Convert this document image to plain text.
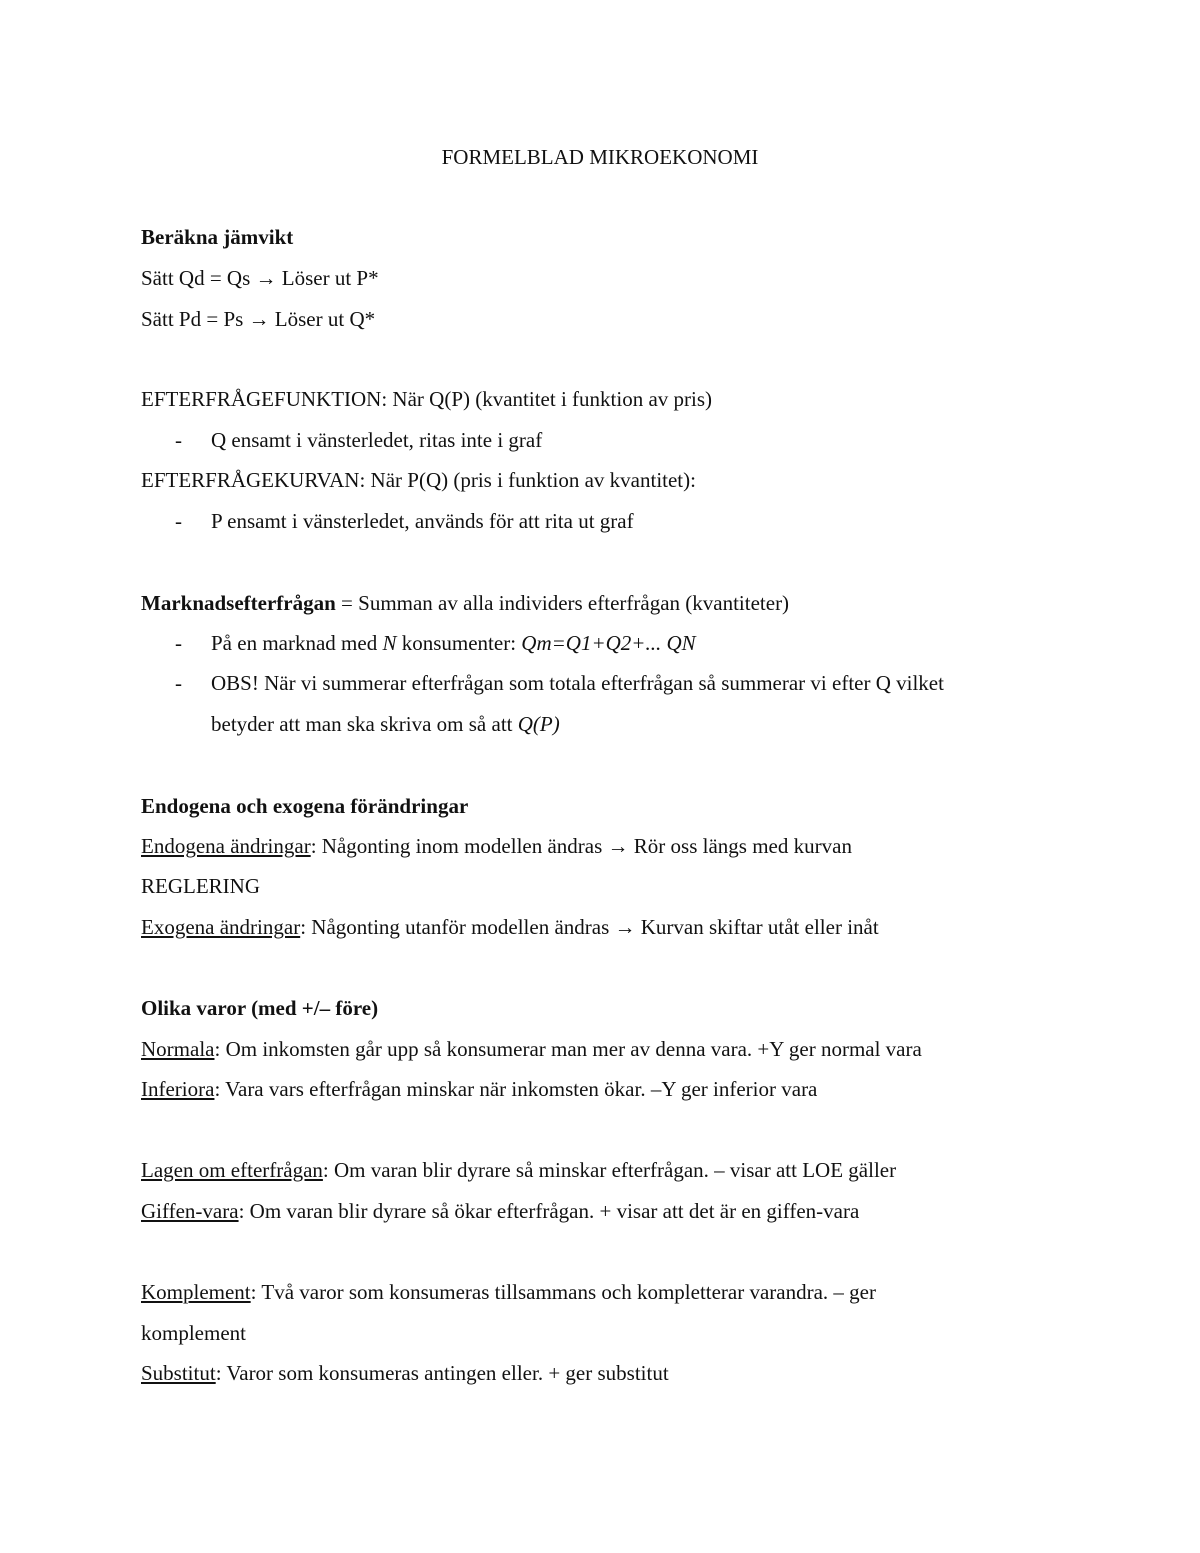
FORMELBLAD MIKROEKONOMI
Beräkna jämvikt
Sätt Qd = Qs → Löser ut P*
Sätt Pd = Ps → Löser ut Q*
EFTERFRÅGEFUNKTION: När Q(P) (kvantitet i funktion av pris)
- Q ensamt i vänsterledet, ritas inte i graf
EFTERFRÅGEKURVAN: När P(Q) (pris i funktion av kvantitet):
- P ensamt i vänsterledet, används för att rita ut graf
Marknadsefterfrågan = Summan av alla individers efterfrågan (kvantiteter)
- På en marknad med N konsumenter: Qm=Q1+Q2+... QN
- OBS! När vi summerar efterfrågan som totala efterfrågan så summerar vi efter Q vilket
betyder att man ska skriva om så att Q(P)
Endogena och exogena förändringar
Endogena ändringar: Någonting inom modellen ändras → Rör oss längs med kurvan
REGLERING
Exogena ändringar: Någonting utanför modellen ändras → Kurvan skiftar utåt eller inåt
Olika varor (med +/– före)
Normala: Om inkomsten går upp så konsumerar man mer av denna vara. +Y ger normal vara
Inferiora: Vara vars efterfrågan minskar när inkomsten ökar. –Y ger inferior vara
Lagen om efterfrågan: Om varan blir dyrare så minskar efterfrågan. – visar att LOE gäller
Giffen-vara: Om varan blir dyrare så ökar efterfrågan. + visar att det är en giffen-vara
Komplement: Två varor som konsumeras tillsammans och kompletterar varandra. – ger
komplement
Substitut: Varor som konsumeras antingen eller. + ger substitut
